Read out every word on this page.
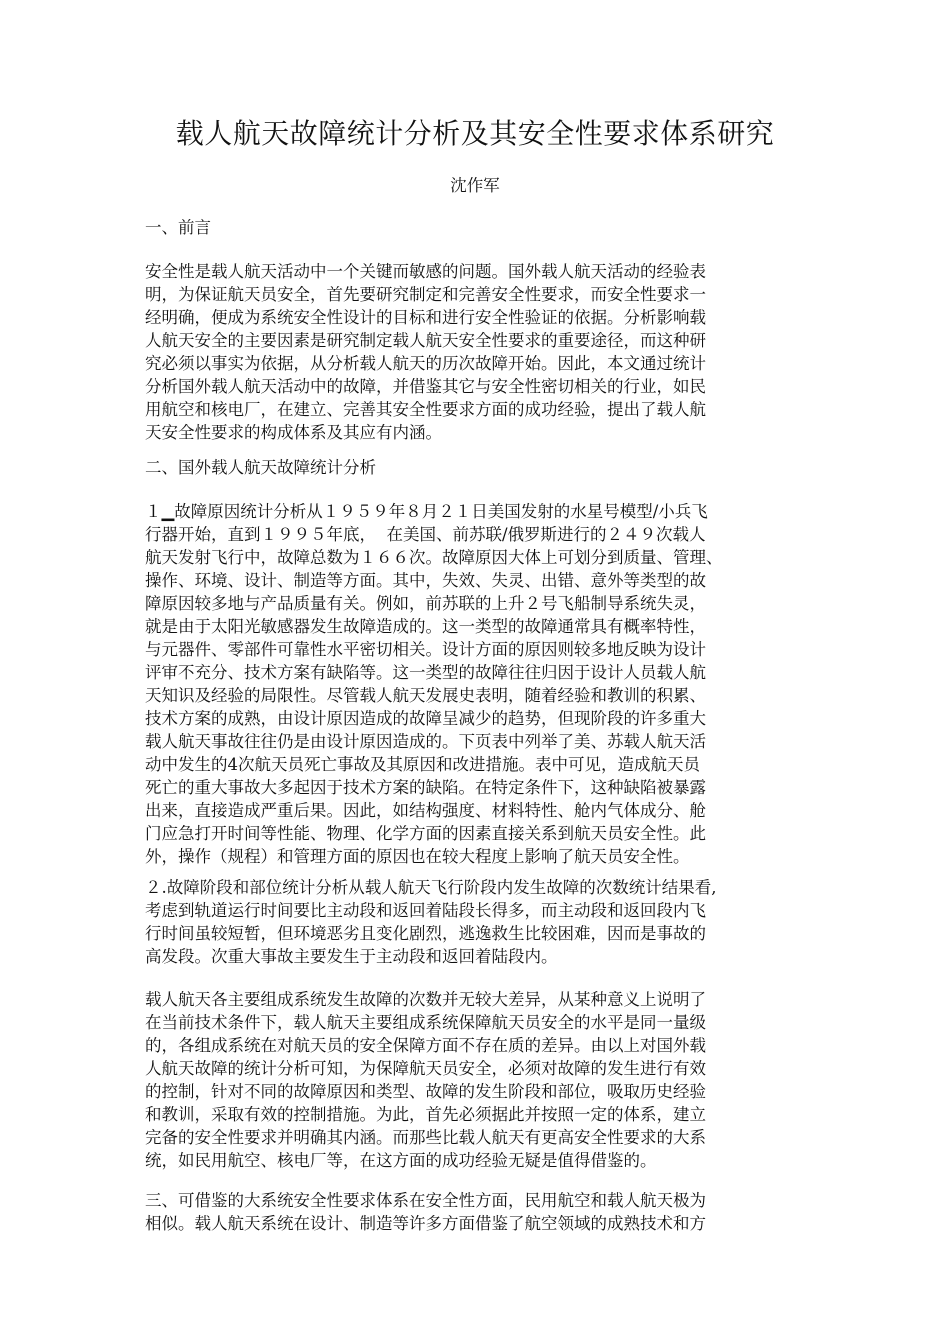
载人航天故障统计分析及其安全性要求体系研究
沈作军
一、前言
安全性是载人航天活动中一个关键而敏感的问题。国外载人航天活动的经验表
明，为保证航天员安全，首先要研究制定和完善安全性要求，而安全性要求一
经明确，便成为系统安全性设计的目标和进行安全性验证的依据。分析影响载
人航天安全的主要因素是研究制定载人航天安全性要求的重要途径，而这种研
究必须以事实为依据，从分析载人航天的历次故障开始。因此，本文通过统计
分析国外载人航天活动中的故障，并借鉴其它与安全性密切相关的行业，如民
用航空和核电厂，在建立、完善其安全性要求方面的成功经验，提出了载人航
天安全性要求的构成体系及其应有内涵。
二、国外载人航天故障统计分析
１▁故障原因统计分析从１９５９年８月２１日美国发射的水星号模型/小兵飞
行器开始，直到１９９５年底，  在美国、前苏联/俄罗斯进行的２４９次载人
航天发射飞行中，故障总数为１６６次。故障原因大体上可划分到质量、管理、
操作、环境、设计、制造等方面。其中，失效、失灵、出错、意外等类型的故
障原因较多地与产品质量有关。例如，前苏联的上升２号飞船制导系统失灵，
就是由于太阳光敏感器发生故障造成的。这一类型的故障通常具有概率特性，
与元器件、零部件可靠性水平密切相关。设计方面的原因则较多地反映为设计
评审不充分、技术方案有缺陷等。这一类型的故障往往归因于设计人员载人航
天知识及经验的局限性。尽管载人航天发展史表明，随着经验和教训的积累、
技术方案的成熟，由设计原因造成的故障呈减少的趋势，但现阶段的许多重大
载人航天事故往往仍是由设计原因造成的。下页表中列举了美、苏载人航天活
动中发生的4次航天员死亡事故及其原因和改进措施。表中可见，造成航天员
死亡的重大事故大多起因于技术方案的缺陷。在特定条件下，这种缺陷被暴露
出来，直接造成严重后果。因此，如结构强度、材料特性、舱内气体成分、舱
门应急打开时间等性能、物理、化学方面的因素直接关系到航天员安全性。此
外，操作（规程）和管理方面的原因也在较大程度上影响了航天员安全性。
２.故障阶段和部位统计分析从载人航天飞行阶段内发生故障的次数统计结果看,
考虑到轨道运行时间要比主动段和返回着陆段长得多，而主动段和返回段内飞
行时间虽较短暂，但环境恶劣且变化剧烈，逃逸救生比较困难，因而是事故的
高发段。次重大事故主要发生于主动段和返回着陆段内。
载人航天各主要组成系统发生故障的次数并无较大差异，从某种意义上说明了
在当前技术条件下，载人航天主要组成系统保障航天员安全的水平是同一量级
的，各组成系统在对航天员的安全保障方面不存在质的差异。由以上对国外载
人航天故障的统计分析可知，为保障航天员安全，必须对故障的发生进行有效
的控制，针对不同的故障原因和类型、故障的发生阶段和部位，吸取历史经验
和教训，采取有效的控制措施。为此，首先必须据此并按照一定的体系，建立
完备的安全性要求并明确其内涵。而那些比载人航天有更高安全性要求的大系
统，如民用航空、核电厂等，在这方面的成功经验无疑是值得借鉴的。
三、可借鉴的大系统安全性要求体系在安全性方面，民用航空和载人航天极为
相似。载人航天系统在设计、制造等许多方面借鉴了航空领域的成熟技术和方
